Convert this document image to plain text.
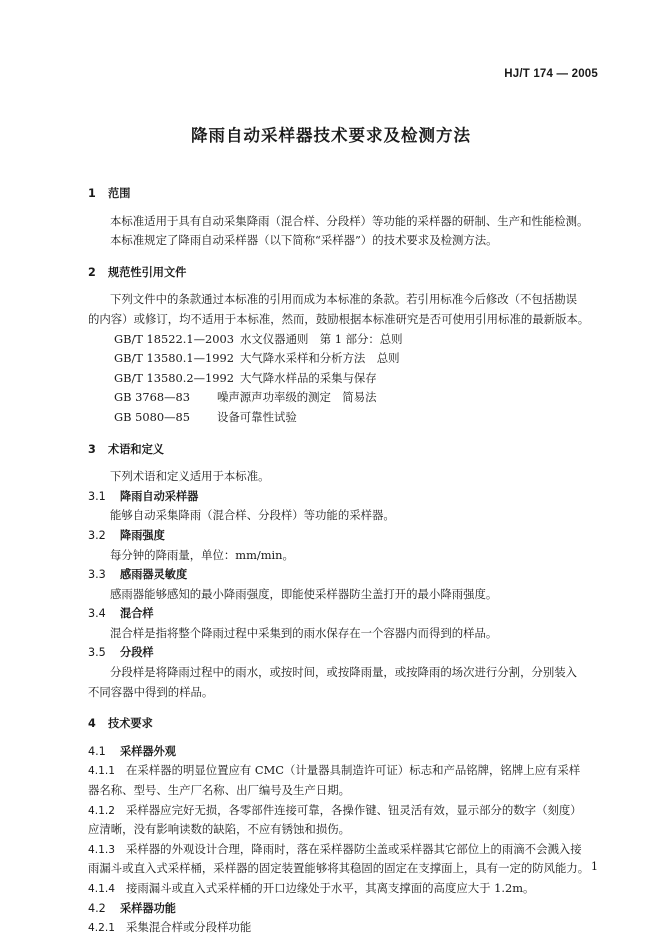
HJ/T 174 — 2005
降雨自动采样器技术要求及检测方法
1 范围
本标准适用于具有自动采集降雨（混合样、分段样）等功能的采样器的研制、生产和性能检测。
本标准规定了降雨自动采样器（以下简称“采样器”）的技术要求及检测方法。
2 规范性引用文件
下列文件中的条款通过本标准的引用而成为本标准的条款。若引用标准今后修改（不包括勘误
的内容）或修订，均不适用于本标准，然而，鼓励根据本标准研究是否可使用引用标准的最新版本。
GB/T 18522.1—2003 水文仪器通则　第 1 部分：总则
GB/T 13580.1—1992 大气降水采样和分析方法　总则
GB/T 13580.2—1992 大气降水样品的采集与保存
GB 3768—83 噪声源声功率级的测定　简易法
GB 5080—85 设备可靠性试验
3 术语和定义
下列术语和定义适用于本标准。
3.1 降雨自动采样器
能够自动采集降雨（混合样、分段样）等功能的采样器。
3.2 降雨强度
每分钟的降雨量，单位：mm/min。
3.3 感雨器灵敏度
感雨器能够感知的最小降雨强度，即能使采样器防尘盖打开的最小降雨强度。
3.4 混合样
混合样是指将整个降雨过程中采集到的雨水保存在一个容器内而得到的样品。
3.5 分段样
分段样是将降雨过程中的雨水，或按时间，或按降雨量，或按降雨的场次进行分割，分别装入
不同容器中得到的样品。
4 技术要求
4.1 采样器外观
4.1.1 在采样器的明显位置应有 CMC（计量器具制造许可证）标志和产品铭牌，铭牌上应有采样
器名称、型号、生产厂名称、出厂编号及生产日期。
4.1.2 采样器应完好无损，各零部件连接可靠，各操作键、钮灵活有效，显示部分的数字（刻度）
应清晰，没有影响读数的缺陷，不应有锈蚀和损伤。
4.1.3 采样器的外观设计合理，降雨时，落在采样器防尘盖或采样器其它部位上的雨滴不会溅入接
雨漏斗或直入式采样桶，采样器的固定装置能够将其稳固的固定在支撑面上，具有一定的防风能力。
4.1.4 接雨漏斗或直入式采样桶的开口边缘处于水平，其离支撑面的高度应大于 1.2m。
4.2 采样器功能
4.2.1 采集混合样或分段样功能
1
